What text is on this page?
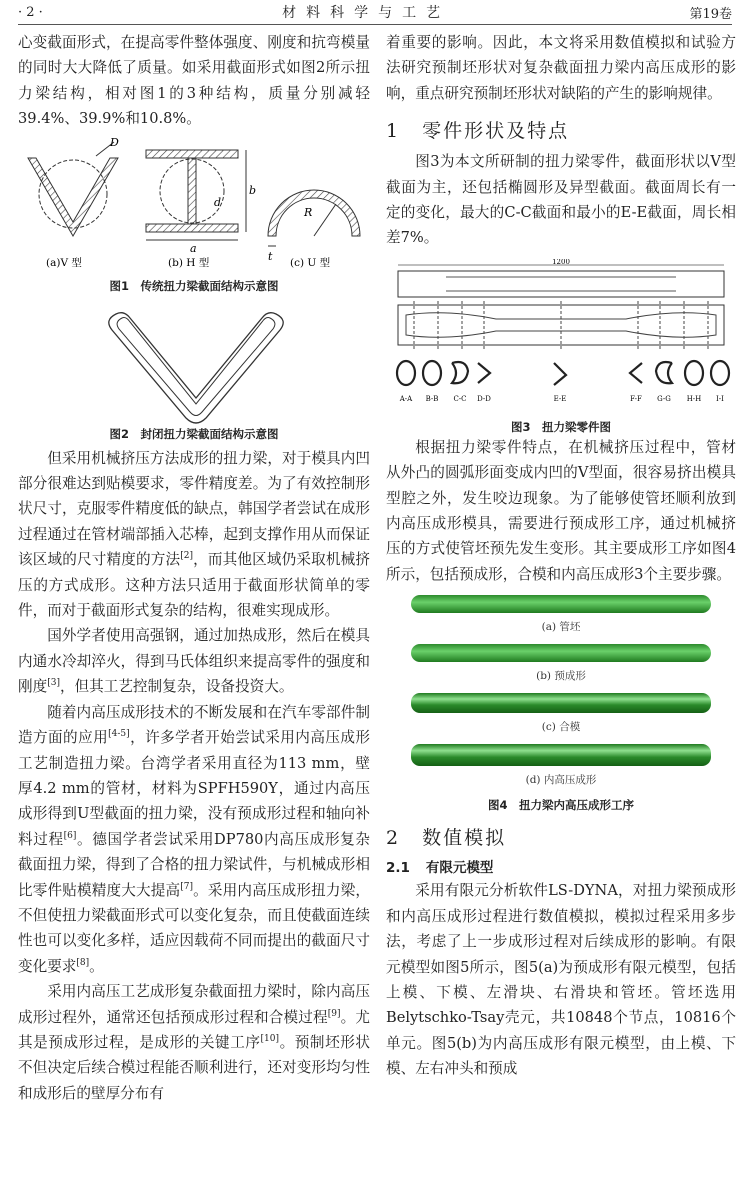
· 2 ·	材料科学与工艺	第19卷

心变截面形式，在提高零件整体强度、刚度和抗弯模量的同时大大降低了质量。如采用截面形式如图2所示扭力梁结构，相对图1的3种结构，质量分别减轻39.4%、39.9%和10.8%。

D
d
b
a
R
t
(a)V 型	(b) H 型	(c) U 型
图1　传统扭力梁截面结构示意图
图2　封闭扭力梁截面结构示意图

但采用机械挤压方法成形的扭力梁，对于模具内凹部分很难达到贴模要求，零件精度差。为了有效控制形状尺寸，克服零件精度低的缺点，韩国学者尝试在成形过程通过在管材端部插入芯棒，起到支撑作用从而保证该区域的尺寸精度的方法[2]，而其他区域仍采取机械挤压的方式成形。这种方法只适用于截面形状简单的零件，而对于截面形式复杂的结构，很难实现成形。

国外学者使用高强钢，通过加热成形，然后在模具内通水冷却淬火，得到马氏体组织来提高零件的强度和刚度[3]，但其工艺控制复杂，设备投资大。

随着内高压成形技术的不断发展和在汽车零部件制造方面的应用[4-5]，许多学者开始尝试采用内高压成形工艺制造扭力梁。台湾学者采用直径为113 mm，壁厚4.2 mm的管材，材料为SPFH590Y，通过内高压成形得到U型截面的扭力梁，没有预成形过程和轴向补料过程[6]。德国学者尝试采用DP780内高压成形复杂截面扭力梁，得到了合格的扭力梁试件，与机械成形相比零件贴模精度大大提高[7]。采用内高压成形扭力梁，不但使扭力梁截面形式可以变化复杂，而且使截面连续性也可以变化多样，适应因载荷不同而提出的截面尺寸变化要求[8]。

采用内高压工艺成形复杂截面扭力梁时，除内高压成形过程外，通常还包括预成形过程和合模过程[9]。尤其是预成形过程，是成形的关键工序[10]。预制坯形状不但决定后续合模过程能否顺利进行，还对变形均匀性和成形后的壁厚分布有

着重要的影响。因此，本文将采用数值模拟和试验方法研究预制坯形状对复杂截面扭力梁内高压成形的影响，重点研究预制坯形状对缺陷的产生的影响规律。

1 零件形状及特点

图3为本文所研制的扭力梁零件，截面形状以V型截面为主，还包括椭圆形及异型截面。截面周长有一定的变化，最大的C-C截面和最小的E-E截面，周长相差7%。

1200
A-A B-B C-C D-D	E-E	F-F G-G H-H I-I
图3　扭力梁零件图

根据扭力梁零件特点，在机械挤压过程中，管材从外凸的圆弧形面变成内凹的V型面，很容易挤出模具型腔之外，发生咬边现象。为了能够使管坯顺利放到内高压成形模具，需要进行预成形工序，通过机械挤压的方式使管坯预先发生变形。其主要成形工序如图4所示，包括预成形，合模和内高压成形3个主要步骤。

(a) 管坯
(b) 预成形
(c) 合模
(d) 内高压成形
图4　扭力梁内高压成形工序
2 数值模拟
2.1 有限元模型

采用有限元分析软件LS-DYNA，对扭力梁预成形和内高压成形过程进行数值模拟，模拟过程采用多步法，考虑了上一步成形过程对后续成形的影响。有限元模型如图5所示，图5(a)为预成形有限元模型，包括上模、下模、左滑块、右滑块和管坯。管坯选用Belytschko-Tsay壳元，共10848个节点，10816个单元。图5(b)为内高压成形有限元模型，由上模、下模、左右冲头和预成
